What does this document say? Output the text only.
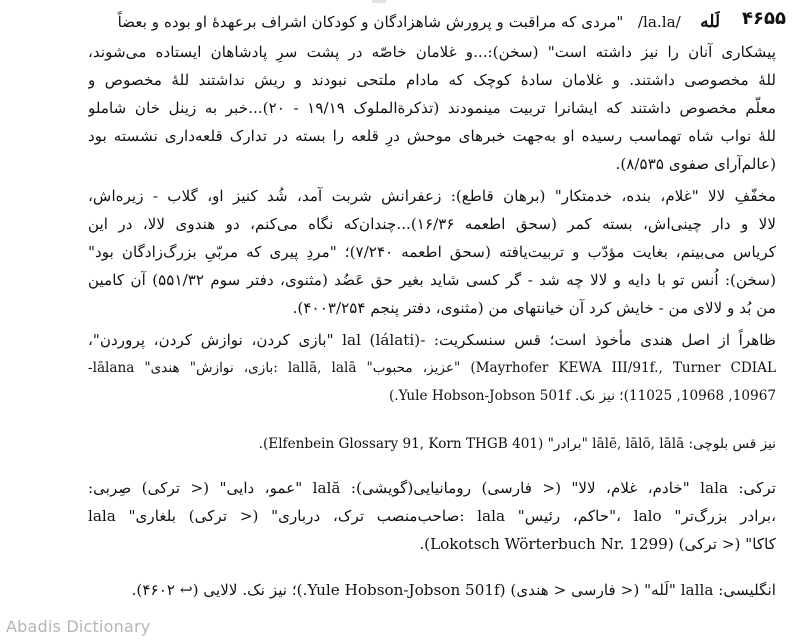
۴۶۵۵
لَله    /la.la/   "مردی که مراقبت و پرورش شاهزادگان و کودکان اشراف برعهدهٔ او بوده و بعضاً
پیشکاری آنان را نیز داشته است" (سخن):...و غلامان خاصّه در پشت سرِ پادشاهان ایستاده می‌شوند،
للهٔ مخصوصی داشتند. و غلامان سادهٔ کوچک که مادام ملتحی نبودند و ریش نداشتند للهٔ مخصوص و
معلّم مخصوص داشتند که ایشانرا تربیت مینمودند (تذکرةالملوک ۱۹/۱۹ - ۲۰)...خبر به زینل خان شاملو
للهٔ نواب شاه تهماسب رسیده او به‌جهت خبرهای موحش درِ قلعه را بسته در تدارک قلعه‌داری نشسته بود
(عالم‌آرای صفوی ۸/۵۳۵).
مخفّفِ لالا "غلام، بنده، خدمتکار" (برهان قاطع): زعفرانش شربت آمد، شُد کنیز او، گلاب - زیره‌اش،
لالا و دار چینی‌اش، بسته کمر (سحق اطعمه ۱۶/۳۶)...چندان‌که نگاه می‌کنم، دو هندوی لالا، در این
کریاس می‌بینم، بغایت مؤدّب و تربیت‌یافته (سحق اطعمه ۷/۲۴۰)؛ "مردِ پیری که مربّیِ بزرگ‌زادگان بود"
(سخن): اُنس تو با دایه و لالا چه شد - گر کسی شاید بغیر حق عَضُد (مثنوی، دفتر سوم ۵۵۱/۳۲) آن کامین
من بُد و لالای من - خایش کرد آن خیانتهای من (مثنوی، دفتر پنجم ۴۰۰۳/۲۵۴).
ظاهراً از اصل هندی مأخوذ است؛ قس سنسکریت: -lal (lálati) "بازی کردن، نوازش کردن، پروردن"،
-lālana "بازی، نوازش" هندی: lallā, lalā "عزیز، محبوب" (Mayrhofer KEWA III/91f., Turner CDIAL
10967, 10968, 11025)؛ نیز نک. Yule Hobson-Jobson 501f.)
نیز قس بلوچی: lālē, lālō, lālā "برادر" (Elfenbein Glossary 91, Korn THGB 401).
ترکی: lala "خادم، غلام، لالا" (< فارسی) رومانیایی(گویشی): lală "عمو، دایی" (< ترکی) صِربی:
lala "صاحب‌منصب ترک، درباری" (< ترکی) بلغاری: lala "حاکم، رئیس"، lalo "برادر بزرگ‌تر،
کاکا" (< ترکی) (Lokotsch Wörterbuch Nr. 1299).
انگلیسی: lalla "لَله" (< فارسی < هندی) (Yule Hobson-Jobson 501f.)؛ نیز نک. لالایی (↩ ۴۶۰۲).
Abadis Dictionary
